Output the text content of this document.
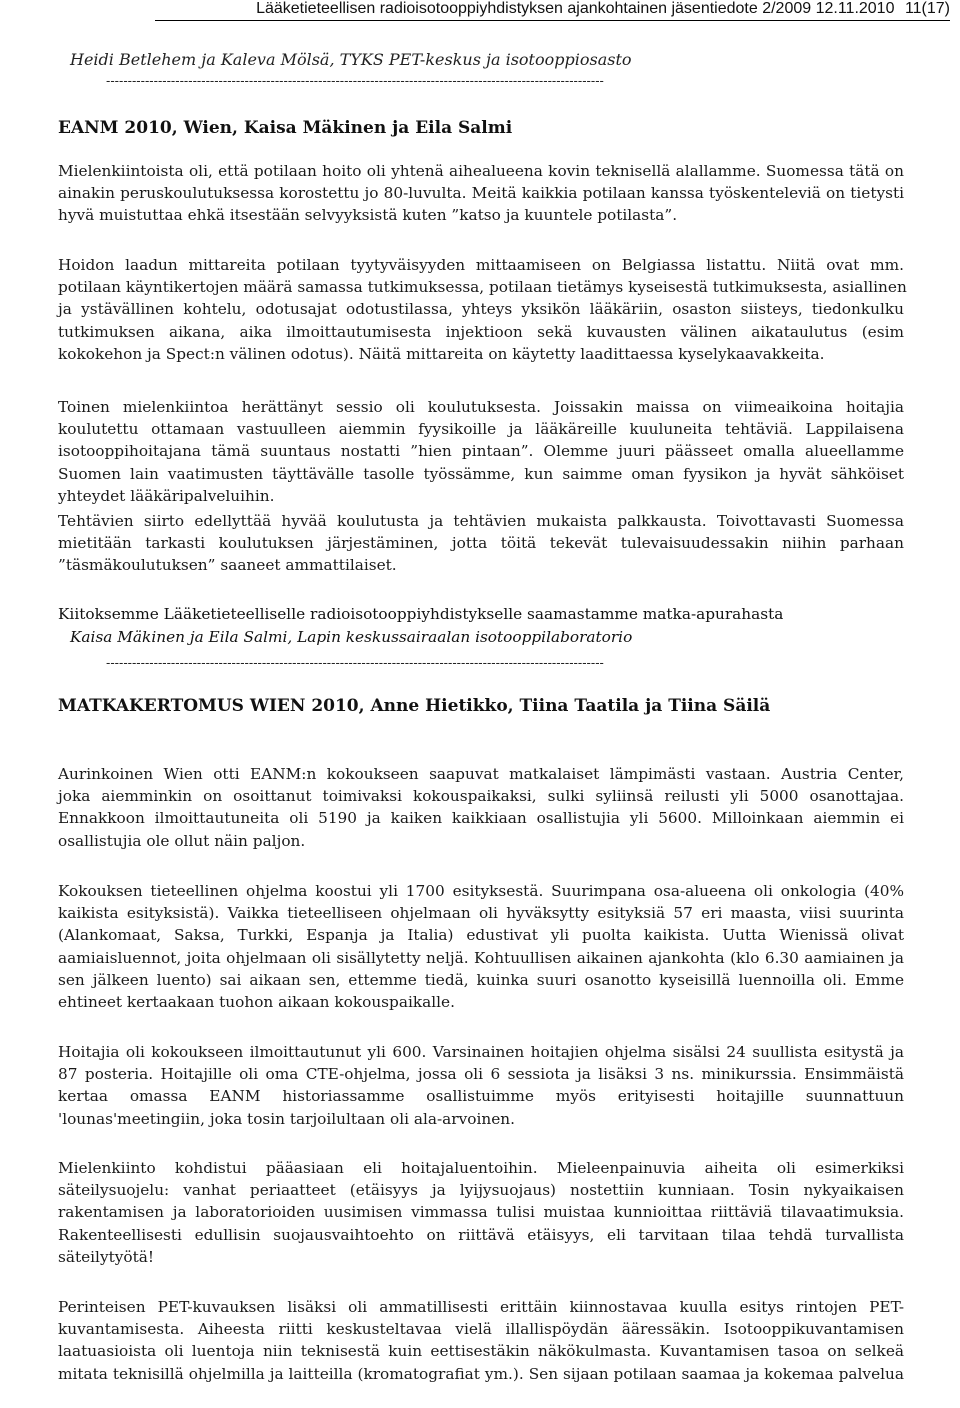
Lääketieteellisen radioisotooppiyhdistyksen ajankohtainen jäsentiedote 2/2009 12.11.2010 11(17)
Heidi Betlehem ja Kaleva Mölsä, TYKS PET-keskus ja isotooppiosasto
-------------------------------------------------------------------------------------------------------------------
EANM 2010, Wien, Kaisa Mäkinen ja Eila Salmi
Mielenkiintoista oli, että potilaan hoito oli yhtenä aihealueena kovin teknisellä alallamme. Suomessa tätä on
ainakin peruskoulutuksessa korostettu jo 80-luvulta. Meitä kaikkia potilaan kanssa työskenteleviä on tietysti
hyvä muistuttaa ehkä itsestään selvyyksistä kuten ”katso ja kuuntele potilasta”.
Hoidon laadun mittareita potilaan tyytyväisyyden mittaamiseen on Belgiassa listattu. Niitä ovat mm.
potilaan käyntikertojen määrä samassa tutkimuksessa, potilaan tietämys kyseisestä tutkimuksesta, asiallinen
ja ystävällinen kohtelu, odotusajat odotustilassa, yhteys yksikön lääkäriin, osaston siisteys, tiedonkulku
tutkimuksen aikana, aika ilmoittautumisesta injektioon sekä kuvausten välinen aikataulutus (esim
kokokehon ja Spect:n välinen odotus). Näitä mittareita on käytetty laadittaessa kyselykaavakkeita.
Toinen mielenkiintoa herättänyt sessio oli koulutuksesta. Joissakin maissa on viimeaikoina hoitajia
koulutettu ottamaan vastuulleen aiemmin fyysikoille ja lääkäreille kuuluneita tehtäviä. Lappilaisena
isotooppihoitajana tämä suuntaus nostatti ”hien pintaan”. Olemme juuri päässeet omalla alueellamme
Suomen lain vaatimusten täyttävälle tasolle työssämme, kun saimme oman fyysikon ja hyvät sähköiset
yhteydet lääkäripalveluihin.
Tehtävien siirto edellyttää hyvää koulutusta ja tehtävien mukaista palkkausta. Toivottavasti Suomessa
mietitään tarkasti koulutuksen järjestäminen, jotta töitä tekevät tulevaisuudessakin niihin parhaan
”täsmäkoulutuksen” saaneet ammattilaiset.
Kiitoksemme Lääketieteelliselle radioisotooppiyhdistykselle saamastamme matka-apurahasta
Kaisa Mäkinen ja Eila Salmi, Lapin keskussairaalan isotooppilaboratorio
-------------------------------------------------------------------------------------------------------------------
MATKAKERTOMUS WIEN 2010, Anne Hietikko, Tiina Taatila ja Tiina Säilä
Aurinkoinen Wien otti EANM:n kokoukseen saapuvat matkalaiset lämpimästi vastaan. Austria Center,
joka aiemminkin on osoittanut toimivaksi kokouspaikaksi, sulki syliinsä reilusti yli 5000 osanottajaa.
Ennakkoon ilmoittautuneita oli 5190 ja kaiken kaikkiaan osallistujia yli 5600. Milloinkaan aiemmin ei
osallistujia ole ollut näin paljon.
Kokouksen tieteellinen ohjelma koostui yli 1700 esityksestä. Suurimpana osa-alueena oli onkologia (40%
kaikista esityksistä). Vaikka tieteelliseen ohjelmaan oli hyväksytty esityksiä 57 eri maasta, viisi suurinta
(Alankomaat, Saksa, Turkki, Espanja ja Italia) edustivat yli puolta kaikista. Uutta Wienissä olivat
aamiaisluennot, joita ohjelmaan oli sisällytetty neljä. Kohtuullisen aikainen ajankohta (klo 6.30 aamiainen ja
sen jälkeen luento) sai aikaan sen, ettemme tiedä, kuinka suuri osanotto kyseisillä luennoilla oli. Emme
ehtineet kertaakaan tuohon aikaan kokouspaikalle.
Hoitajia oli kokoukseen ilmoittautunut yli 600. Varsinainen hoitajien ohjelma sisälsi 24 suullista esitystä ja
87 posteria. Hoitajille oli oma CTE-ohjelma, jossa oli 6 sessiota ja lisäksi 3 ns. minikurssia. Ensimmäistä
kertaa omassa EANM historiassamme osallistuimme myös erityisesti hoitajille suunnattuun
'lounas'meetingiin, joka tosin tarjoilultaan oli ala-arvoinen.
Mielenkiinto kohdistui pääasiaan eli hoitajaluentoihin. Mieleenpainuvia aiheita oli esimerkiksi
säteilysuojelu: vanhat periaatteet (etäisyys ja lyijysuojaus) nostettiin kunniaan. Tosin nykyaikaisen
rakentamisen ja laboratorioiden uusimisen vimmassa tulisi muistaa kunnioittaa riittäviä tilavaatimuksia.
Rakenteellisesti edullisin suojausvaihtoehto on riittävä etäisyys, eli tarvitaan tilaa tehdä turvallista
säteilytyötä!
Perinteisen PET-kuvauksen lisäksi oli ammatillisesti erittäin kiinnostavaa kuulla esitys rintojen PET-
kuvantamisesta. Aiheesta riitti keskusteltavaa vielä illallispöydän ääressäkin. Isotooppikuvantamisen
laatuasioista oli luentoja niin teknisestä kuin eettisestäkin näkökulmasta. Kuvantamisen tasoa on selkeä
mitata teknisillä ohjelmilla ja laitteilla (kromatografiat ym.). Sen sijaan potilaan saamaa ja kokemaa palvelua
